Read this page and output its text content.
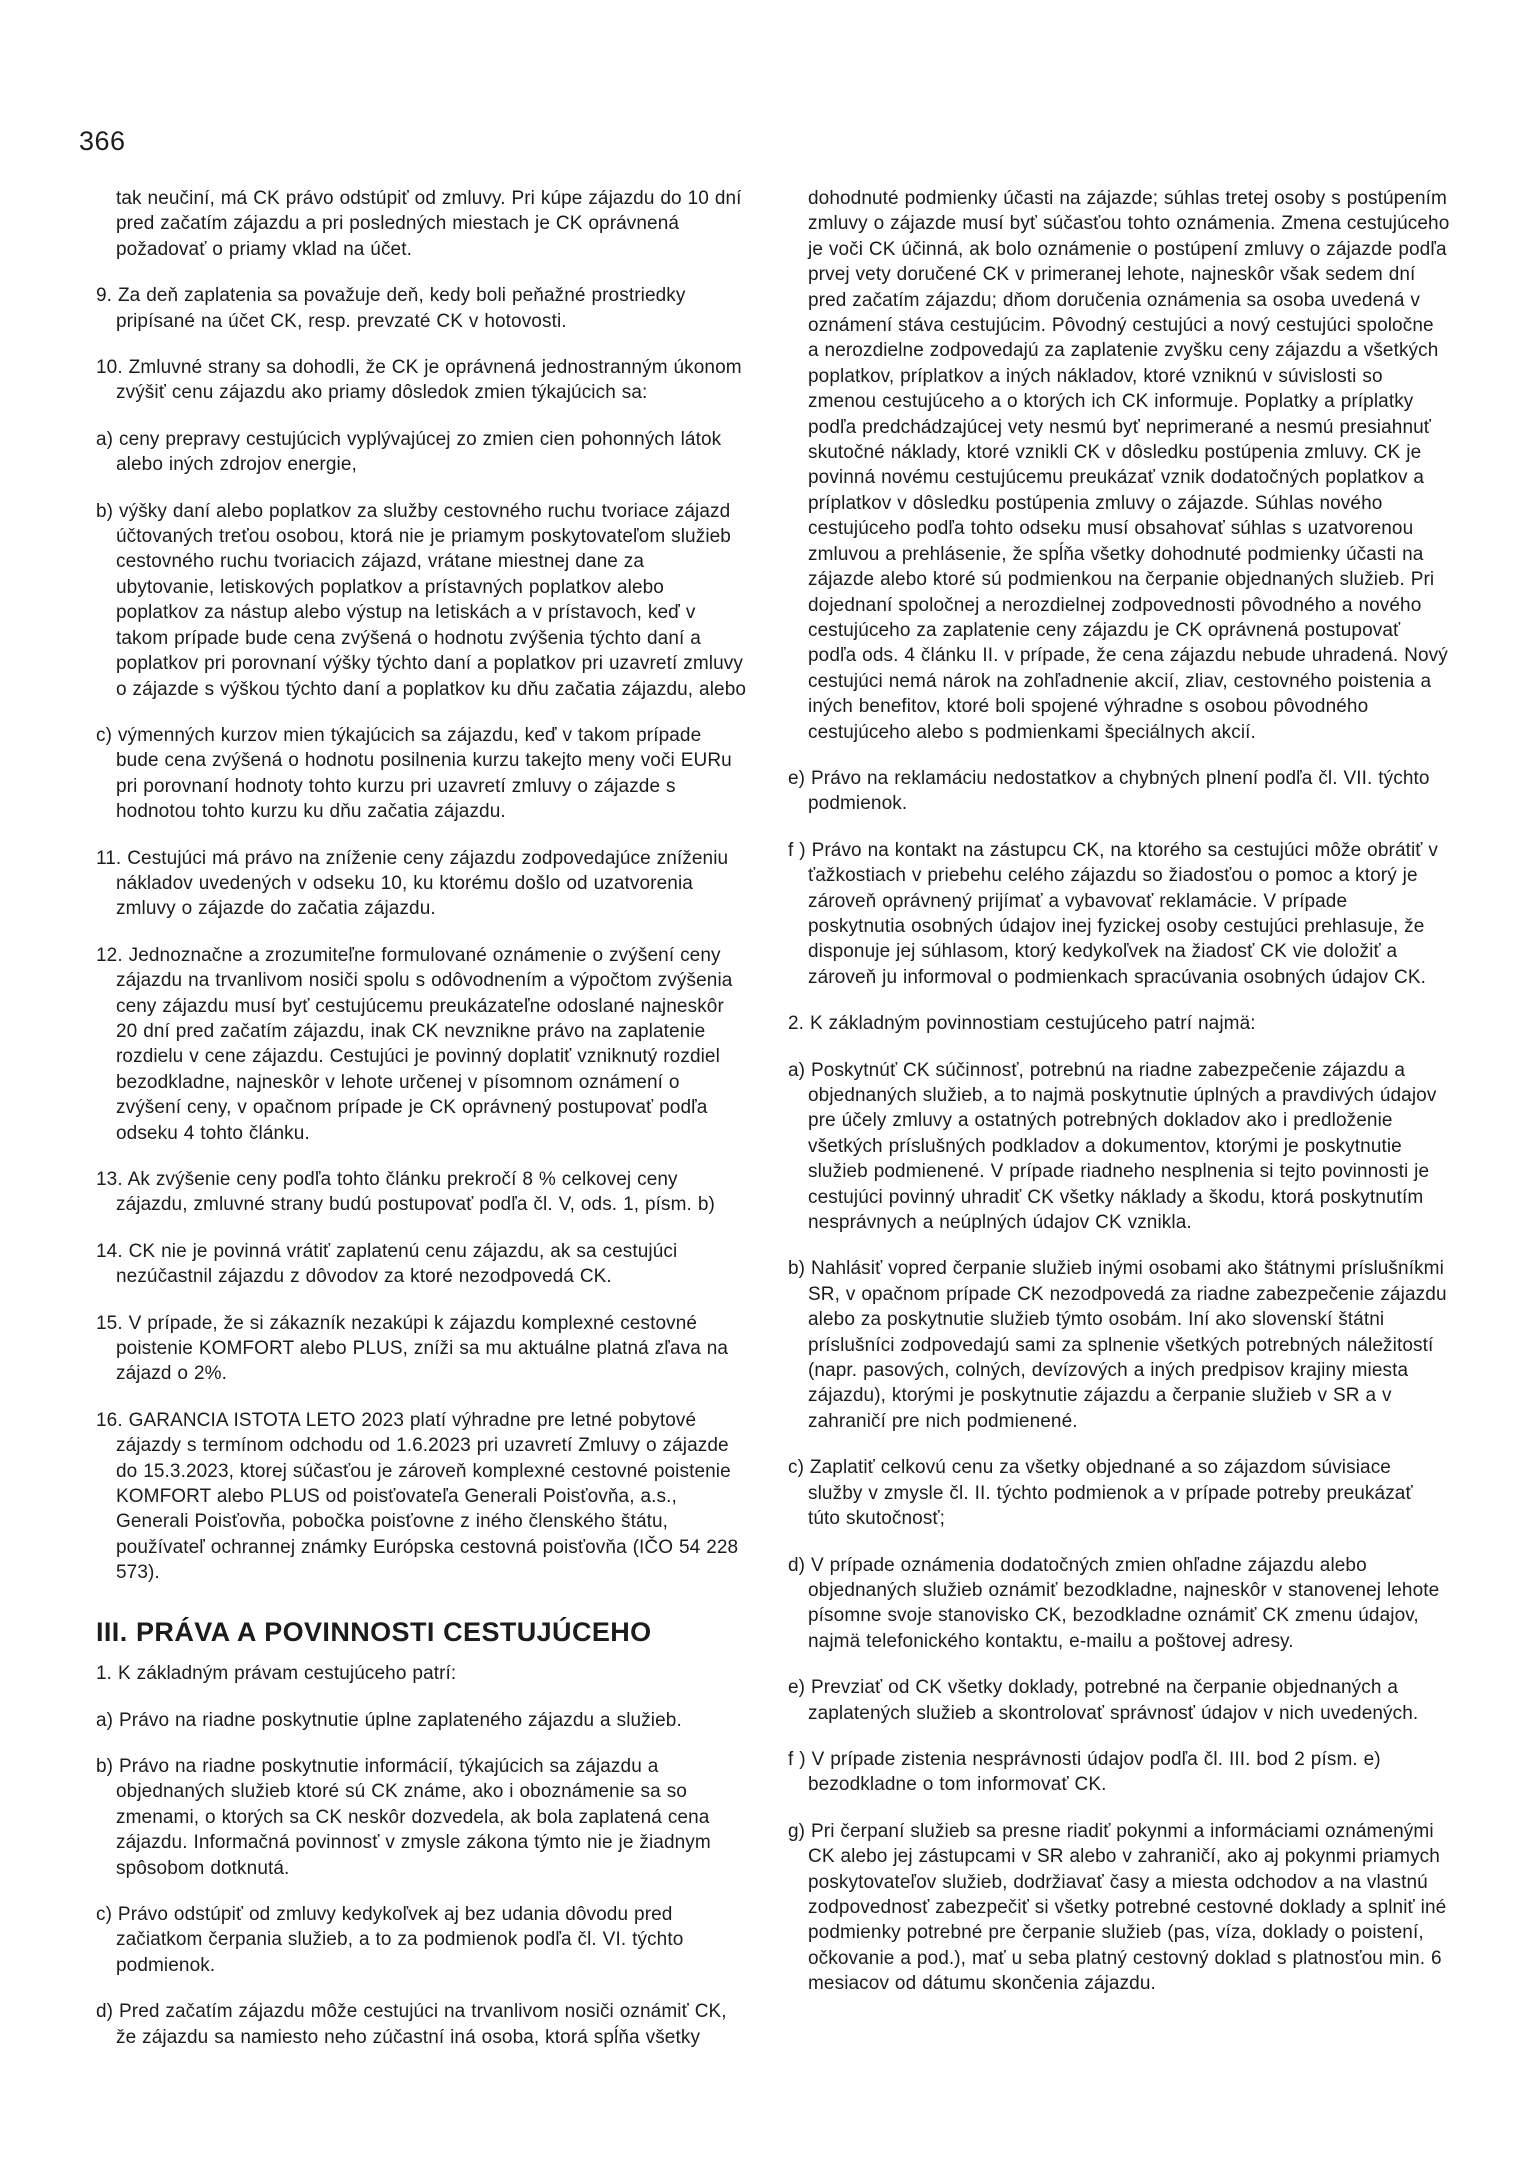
366
tak neučiní, má CK právo odstúpiť od zmluvy. Pri kúpe zájazdu do 10 dní pred začatím zájazdu a pri posledných miestach je CK oprávnená požadovať o priamy vklad na účet.
9. Za deň zaplatenia sa považuje deň, kedy boli peňažné prostriedky pripísané na účet CK, resp. prevzaté CK v hotovosti.
10. Zmluvné strany sa dohodli, že CK je oprávnená jednostranným úkonom zvýšiť cenu zájazdu ako priamy dôsledok zmien týkajúcich sa:
a) ceny prepravy cestujúcich vyplývajúcej zo zmien cien pohonných látok alebo iných zdrojov energie,
b) výšky daní alebo poplatkov za služby cestovného ruchu tvoriace zájazd účtovaných treťou osobou, ktorá nie je priamym poskytovateľom služieb cestovného ruchu tvoriacich zájazd, vrátane miestnej dane za ubytovanie, letiskových poplatkov a prístavných poplatkov alebo poplatkov za nástup alebo výstup na letiskách a v prístavoch, keď v takom prípade bude cena zvýšená o hodnotu zvýšenia týchto daní a poplatkov pri porovnaní výšky týchto daní a poplatkov pri uzavretí zmluvy o zájazde s výškou týchto daní a poplatkov ku dňu začatia zájazdu, alebo
c) výmenných kurzov mien týkajúcich sa zájazdu, keď v takom prípade bude cena zvýšená o hodnotu posilnenia kurzu takejto meny voči EURu pri porovnaní hodnoty tohto kurzu pri uzavretí zmluvy o zájazde s hodnotou tohto kurzu ku dňu začatia zájazdu.
11. Cestujúci má právo na zníženie ceny zájazdu zodpovedajúce zníženiu nákladov uvedených v odseku 10, ku ktorému došlo od uzatvorenia zmluvy o zájazde do začatia zájazdu.
12. Jednoznačne a zrozumiteľne formulované oznámenie o zvýšení ceny zájazdu na trvanlivom nosiči spolu s odôvodnením a výpočtom zvýšenia ceny zájazdu musí byť cestujúcemu preukázateľne odoslané najneskôr 20 dní pred začatím zájazdu, inak CK nevznikne právo na zaplatenie rozdielu v cene zájazdu. Cestujúci je povinný doplatiť vzniknutý rozdiel bezodkladne, najneskôr v lehote určenej v písomnom oznámení o zvýšení ceny, v opačnom prípade je CK oprávnený postupovať podľa odseku 4 tohto článku.
13. Ak zvýšenie ceny podľa tohto článku prekročí 8 % celkovej ceny zájazdu, zmluvné strany budú postupovať podľa čl. V, ods. 1, písm. b)
14. CK nie je povinná vrátiť zaplatenú cenu zájazdu, ak sa cestujúci nezúčastnil zájazdu z dôvodov za ktoré nezodpovedá CK.
15. V prípade, že si zákazník nezakúpi k zájazdu komplexné cestovné poistenie KOMFORT alebo PLUS, zníži sa mu aktuálne platná zľava na zájazd o 2%.
16. GARANCIA ISTOTA LETO 2023 platí výhradne pre letné pobytové zájazdy s termínom odchodu od 1.6.2023 pri uzavretí Zmluvy o zájazde do 15.3.2023, ktorej súčasťou je zároveň komplexné cestovné poistenie KOMFORT alebo PLUS od poisťovateľa Generali Poisťovňa, a.s., Generali Poisťovňa, pobočka poisťovne z iného členského štátu, používateľ ochrannej známky Európska cestovná poisťovňa (IČO 54 228 573).
III. PRÁVA A POVINNOSTI CESTUJÚCEHO
1. K základným právam cestujúceho patrí:
a) Právo na riadne poskytnutie úplne zaplateného zájazdu a služieb.
b) Právo na riadne poskytnutie informácií, týkajúcich sa zájazdu a objednaných služieb ktoré sú CK známe, ako i oboznámenie sa so zmenami, o ktorých sa CK neskôr dozvedela, ak bola zaplatená cena zájazdu. Informačná povinnosť v zmysle zákona týmto nie je žiadnym spôsobom dotknutá.
c) Právo odstúpiť od zmluvy kedykoľvek aj bez udania dôvodu pred začiatkom čerpania služieb, a to za podmienok podľa čl. VI. týchto podmienok.
d) Pred začatím zájazdu môže cestujúci na trvanlivom nosiči oznámiť CK, že zájazdu sa namiesto neho zúčastní iná osoba, ktorá spĺňa všetky
dohodnuté podmienky účasti na zájazde; súhlas tretej osoby s postúpením zmluvy o zájazde musí byť súčasťou tohto oznámenia. Zmena cestujúceho je voči CK účinná, ak bolo oznámenie o postúpení zmluvy o zájazde podľa prvej vety doručené CK v primeranej lehote, najneskôr však sedem dní pred začatím zájazdu; dňom doručenia oznámenia sa osoba uvedená v oznámení stáva cestujúcim. Pôvodný cestujúci a nový cestujúci spoločne a nerozdielne zodpovedajú za zaplatenie zvyšku ceny zájazdu a všetkých poplatkov, príplatkov a iných nákladov, ktoré vzniknú v súvislosti so zmenou cestujúceho a o ktorých ich CK informuje. Poplatky a príplatky podľa predchádzajúcej vety nesmú byť neprimerané a nesmú presiahnuť skutočné náklady, ktoré vznikli CK v dôsledku postúpenia zmluvy. CK je povinná novému cestujúcemu preukázať vznik dodatočných poplatkov a príplatkov v dôsledku postúpenia zmluvy o zájazde. Súhlas nového cestujúceho podľa tohto odseku musí obsahovať súhlas s uzatvorenou zmluvou a prehlásenie, že spĺňa všetky dohodnuté podmienky účasti na zájazde alebo ktoré sú podmienkou na čerpanie objednaných služieb. Pri dojednaní spoločnej a nerozdielnej zodpovednosti pôvodného a nového cestujúceho za zaplatenie ceny zájazdu je CK oprávnená postupovať podľa ods. 4 článku II. v prípade, že cena zájazdu nebude uhradená. Nový cestujúci nemá nárok na zohľadnenie akcií, zliav, cestovného poistenia a iných benefitov, ktoré boli spojené výhradne s osobou pôvodného cestujúceho alebo s podmienkami špeciálnych akcií.
e) Právo na reklamáciu nedostatkov a chybných plnení podľa čl. VII. týchto podmienok.
f ) Právo na kontakt na zástupcu CK, na ktorého sa cestujúci môže obrátiť v ťažkostiach v priebehu celého zájazdu so žiadosťou o pomoc a ktorý je zároveň oprávnený prijímať a vybavovať reklamácie. V prípade poskytnutia osobných údajov inej fyzickej osoby cestujúci prehlasuje, že disponuje jej súhlasom, ktorý kedykoľvek na žiadosť CK vie doložiť a zároveň ju informoval o podmienkach spracúvania osobných údajov CK.
2. K základným povinnostiam cestujúceho patrí najmä:
a) Poskytnúť CK súčinnosť, potrebnú na riadne zabezpečenie zájazdu a objednaných služieb, a to najmä poskytnutie úplných a pravdivých údajov pre účely zmluvy a ostatných potrebných dokladov ako i predloženie všetkých príslušných podkladov a dokumentov, ktorými je poskytnutie služieb podmienené. V prípade riadneho nesplnenia si tejto povinnosti je cestujúci povinný uhradiť CK všetky náklady a škodu, ktorá poskytnutím nesprávnych a neúplných údajov CK vznikla.
b) Nahlásiť vopred čerpanie služieb inými osobami ako štátnymi príslušníkmi SR, v opačnom prípade CK nezodpovedá za riadne zabezpečenie zájazdu alebo za poskytnutie služieb týmto osobám. Iní ako slovenskí štátni príslušníci zodpovedajú sami za splnenie všetkých potrebných náležitostí (napr. pasových, colných, devízových a iných predpisov krajiny miesta zájazdu), ktorými je poskytnutie zájazdu a čerpanie služieb v SR a v zahraničí pre nich podmienené.
c) Zaplatiť celkovú cenu za všetky objednané a so zájazdom súvisiace služby v zmysle čl. II. týchto podmienok a v prípade potreby preukázať túto skutočnosť;
d) V prípade oznámenia dodatočných zmien ohľadne zájazdu alebo objednaných služieb oznámiť bezodkladne, najneskôr v stanovenej lehote písomne svoje stanovisko CK, bezodkladne oznámiť CK zmenu údajov, najmä telefonického kontaktu, e-mailu a poštovej adresy.
e) Prevziať od CK všetky doklady, potrebné na čerpanie objednaných a zaplatených služieb a skontrolovať správnosť údajov v nich uvedených.
f ) V prípade zistenia nesprávnosti údajov podľa čl. III. bod 2 písm. e) bezodkladne o tom informovať CK.
g) Pri čerpaní služieb sa presne riadiť pokynmi a informáciami oznámenými CK alebo jej zástupcami v SR alebo v zahraničí, ako aj pokynmi priamych poskytovateľov služieb, dodržiavať časy a miesta odchodov a na vlastnú zodpovednosť zabezpečiť si všetky potrebné cestovné doklady a splniť iné podmienky potrebné pre čerpanie služieb (pas, víza, doklady o poistení, očkovanie a pod.), mať u seba platný cestovný doklad s platnosťou min. 6 mesiacov od dátumu skončenia zájazdu.
